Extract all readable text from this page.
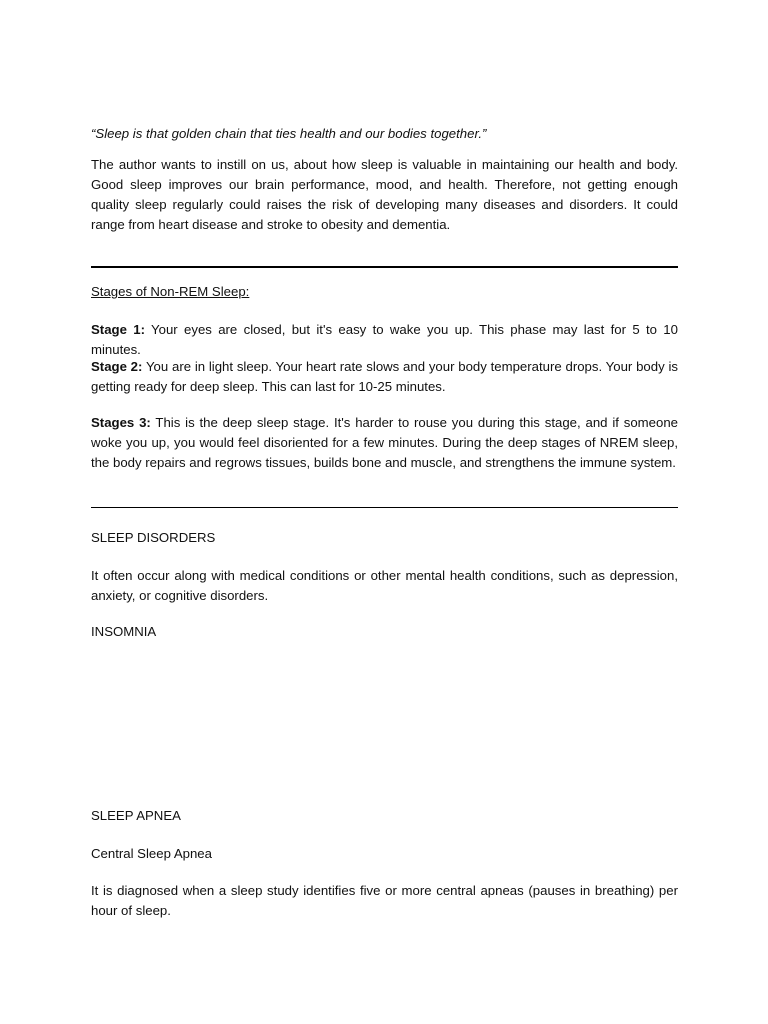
“Sleep is that golden chain that ties health and our bodies together.”

The author wants to instill on us, about how sleep is valuable in maintaining our health and body. Good sleep improves our brain performance, mood, and health. Therefore, not getting enough quality sleep regularly could raises the risk of developing many diseases and disorders. It could range from heart disease and stroke to obesity and dementia.

Stages of Non-REM Sleep:

Stage 1: Your eyes are closed, but it's easy to wake you up. This phase may last for 5 to 10 minutes.

Stage 2: You are in light sleep. Your heart rate slows and your body temperature drops. Your body is getting ready for deep sleep. This can last for 10-25 minutes.

Stages 3: This is the deep sleep stage. It's harder to rouse you during this stage, and if someone woke you up, you would feel disoriented for a few minutes. During the deep stages of NREM sleep, the body repairs and regrows tissues, builds bone and muscle, and strengthens the immune system.

SLEEP DISORDERS

It often occur along with medical conditions or other mental health conditions, such as depression, anxiety, or cognitive disorders.

INSOMNIA

SLEEP APNEA

Central Sleep Apnea

It is diagnosed when a sleep study identifies five or more central apneas (pauses in breathing) per hour of sleep.
